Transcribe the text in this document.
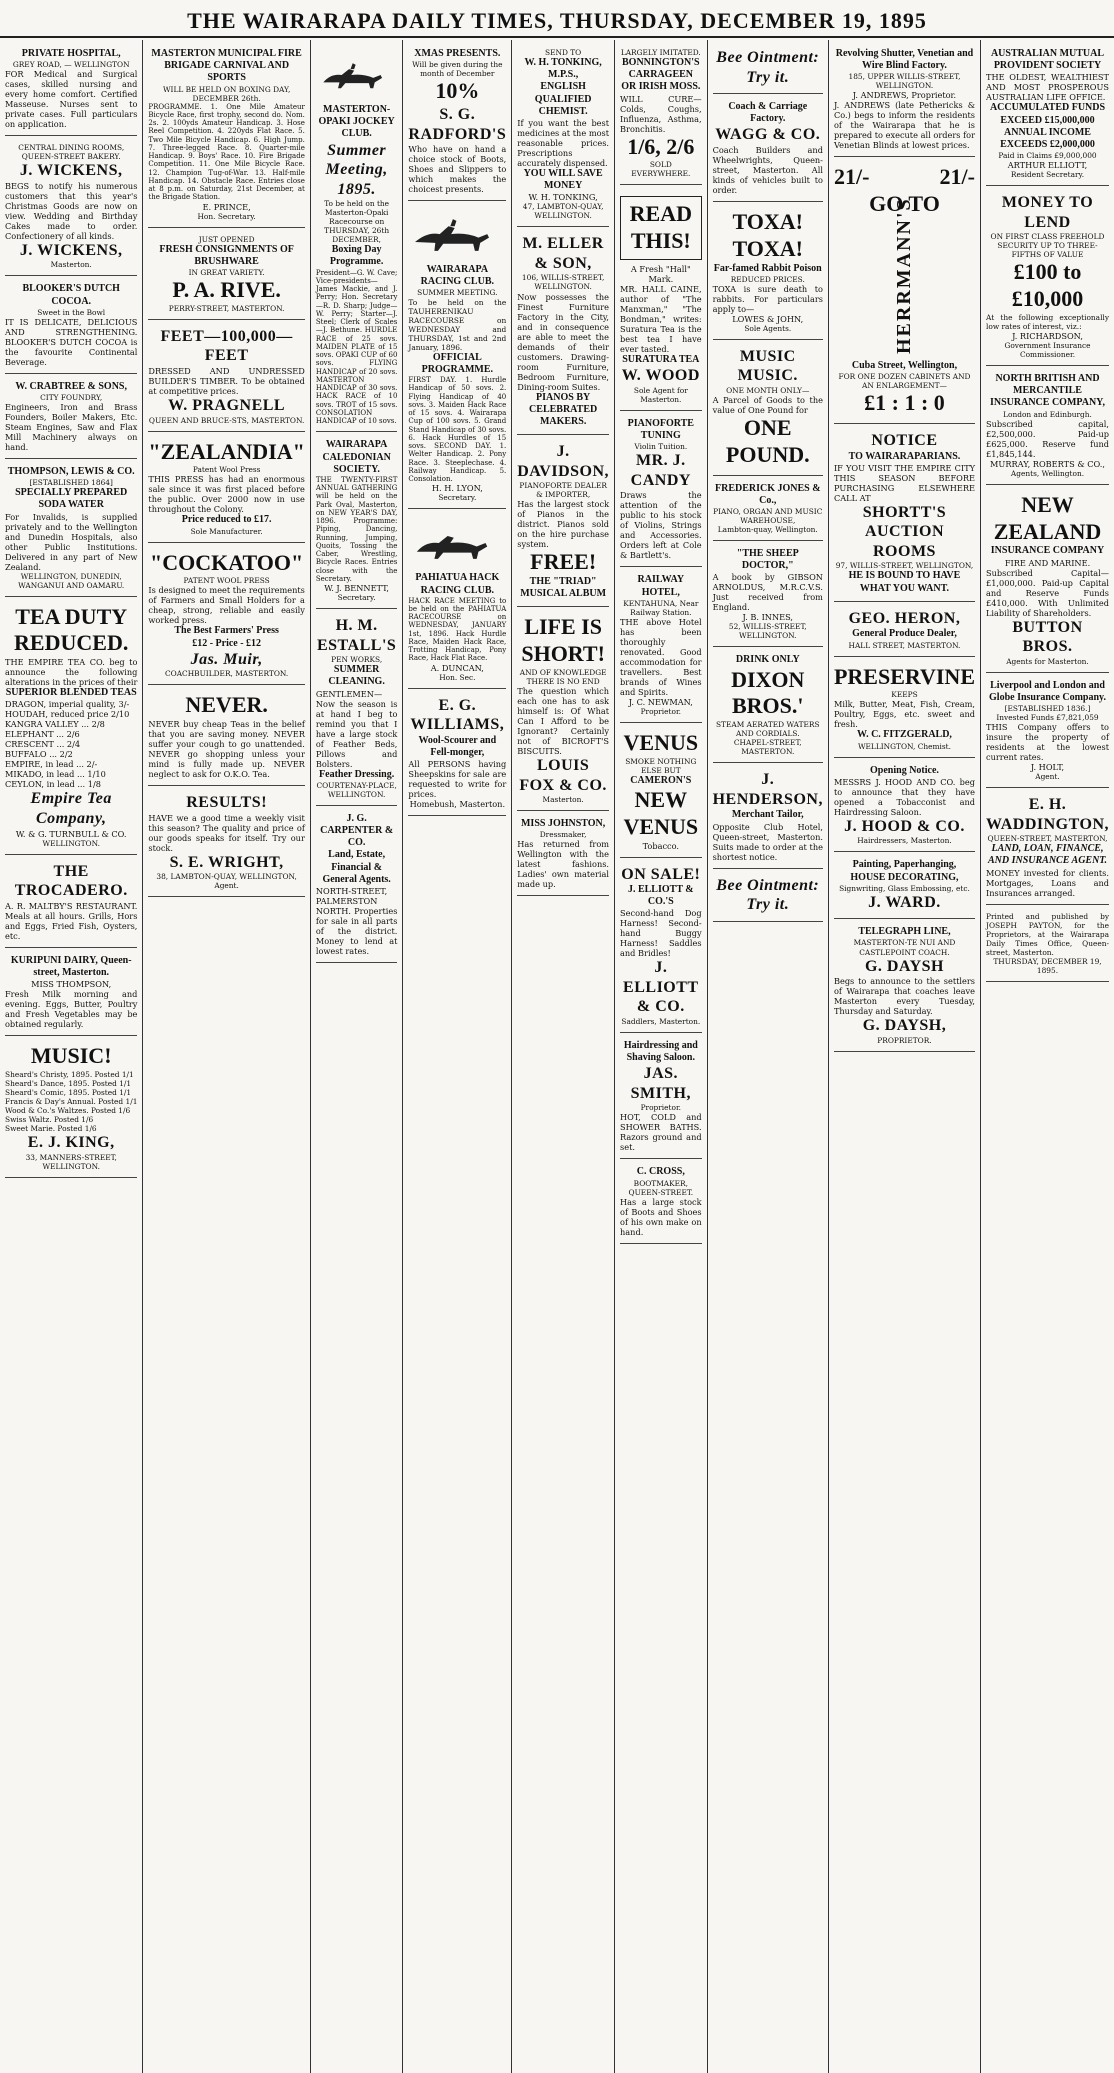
THE WAIRARAPA DAILY TIMES, THURSDAY, DECEMBER 19, 1895
PRIVATE HOSPITAL,
GREY ROAD, — WELLINGTON
FOR Medical and Surgical cases, skilled nursing and every home comfort. Certified Masseuse. Nurses sent to private cases. Full particulars on application.
CENTRAL DINING ROOMS, QUEEN-STREET BAKERY.
J. WICKENS,
BEGS to notify his numerous customers that this year's Christmas Goods are now on view. Wedding and Birthday Cakes made to order. Confectionery of all kinds.
J. WICKENS,
Masterton.
BLOOKER'S DUTCH COCOA.
Sweet in the Bowl
IT IS DELICATE, DELICIOUS AND STRENGTHENING. BLOOKER'S DUTCH COCOA is the favourite Continental Beverage.
W. CRABTREE & SONS,
CITY FOUNDRY,
Engineers, Iron and Brass Founders, Boiler Makers, Etc. Steam Engines, Saw and Flax Mill Machinery always on hand.
THOMPSON, LEWIS & CO.
[ESTABLISHED 1864]
SPECIALLY PREPARED SODA WATER
For Invalids, is supplied privately and to the Wellington and Dunedin Hospitals, also other Public Institutions. Delivered in any part of New Zealand.
WELLINGTON, DUNEDIN, WANGANUI AND OAMARU.
TEA DUTY REDUCED.
THE EMPIRE TEA CO. beg to announce the following alterations in the prices of their
SUPERIOR BLENDED TEAS
DRAGON, imperial quality, 3/-
HOUDAH, reduced price 2/10
KANGRA VALLEY ... 2/8
ELEPHANT ... 2/6
CRESCENT ... 2/4
BUFFALO ... 2/2
EMPIRE, in lead ... 2/-
MIKADO, in lead ... 1/10
CEYLON, in lead ... 1/8
Empire Tea Company,
W. & G. TURNBULL & CO.
WELLINGTON.
THE TROCADERO.
A. R. MALTBY'S RESTAURANT. Meals at all hours. Grills, Hors and Eggs, Fried Fish, Oysters, etc.
KURIPUNI DAIRY, Queen-street, Masterton.
MISS THOMPSON,
Fresh Milk morning and evening. Eggs, Butter, Poultry and Fresh Vegetables may be obtained regularly.
MUSIC!
Sheard's Christy, 1895. Posted 1/1
Sheard's Dance, 1895. Posted 1/1
Sheard's Comic, 1895. Posted 1/1
Francis & Day's Annual. Posted 1/1
Wood & Co.'s Waltzes. Posted 1/6
Swiss Waltz. Posted 1/6
Sweet Marie. Posted 1/6
E. J. KING,
33, MANNERS-STREET, WELLINGTON.
MASTERTON MUNICIPAL FIRE BRIGADE CARNIVAL AND SPORTS
WILL BE HELD ON BOXING DAY, DECEMBER 26th.
PROGRAMME. 1. One Mile Amateur Bicycle Race, first trophy, second do. Nom. 2s. 2. 100yds Amateur Handicap. 3. Hose Reel Competition. 4. 220yds Flat Race. 5. Two Mile Bicycle Handicap. 6. High Jump. 7. Three-legged Race. 8. Quarter-mile Handicap. 9. Boys' Race. 10. Fire Brigade Competition. 11. One Mile Bicycle Race. 12. Champion Tug-of-War. 13. Half-mile Handicap. 14. Obstacle Race. Entries close at 8 p.m. on Saturday, 21st December, at the Brigade Station.
E. PRINCE,
Hon. Secretary.
JUST OPENED
FRESH CONSIGNMENTS OF BRUSHWARE
IN GREAT VARIETY.
P. A. RIVE.
PERRY-STREET, MASTERTON.
FEET—100,000—FEET
DRESSED AND UNDRESSED BUILDER'S TIMBER. To be obtained at competitive prices.
W. PRAGNELL
QUEEN AND BRUCE-STS, MASTERTON.
"ZEALANDIA"
Patent Wool Press
THIS PRESS has had an enormous sale since it was first placed before the public. Over 2000 now in use throughout the Colony.
Price reduced to £17.
Sole Manufacturer.
"COCKATOO"
PATENT WOOL PRESS
Is designed to meet the requirements of Farmers and Small Holders for a cheap, strong, reliable and easily worked press.
The Best Farmers' Press
£12 - Price - £12
Jas. Muir,
COACHBUILDER, MASTERTON.
NEVER.
NEVER buy cheap Teas in the belief that you are saving money. NEVER suffer your cough to go unattended. NEVER go shopping unless your mind is fully made up. NEVER neglect to ask for O.K.O. Tea.
RESULTS!
HAVE we a good time a weekly visit this season? The quality and price of our goods speaks for itself. Try our stock.
S. E. WRIGHT,
38, LAMBTON-QUAY, WELLINGTON, Agent.
MASTERTON-OPAKI JOCKEY CLUB.
Summer Meeting, 1895.
To be held on the Masterton-Opaki Racecourse on THURSDAY, 26th DECEMBER,
Boxing Day Programme.
President—G. W. Cave; Vice-presidents—James Mackie, and J. Perry; Hon. Secretary—R. D. Sharp; Judge—W. Perry; Starter—J. Steel; Clerk of Scales—J. Bethune. HURDLE RACE of 25 sovs. MAIDEN PLATE of 15 sovs. OPAKI CUP of 60 sovs. FLYING HANDICAP of 20 sovs. MASTERTON HANDICAP of 30 sovs. HACK RACE of 10 sovs. TROT of 15 sovs. CONSOLATION HANDICAP of 10 sovs.
WAIRARAPA CALEDONIAN SOCIETY.
THE TWENTY-FIRST ANNUAL GATHERING will be held on the Park Oval, Masterton, on NEW YEAR'S DAY, 1896. Programme: Piping, Dancing, Running, Jumping, Quoits, Tossing the Caber, Wrestling, Bicycle Races. Entries close with the Secretary.
W. J. BENNETT,
Secretary.
H. M. ESTALL'S
PEN WORKS,
SUMMER CLEANING.
GENTLEMEN—Now the season is at hand I beg to remind you that I have a large stock of Feather Beds, Pillows and Bolsters.
Feather Dressing.
COURTENAY-PLACE, WELLINGTON.
J. G. CARPENTER & CO.
Land, Estate, Financial & General Agents.
NORTH-STREET, PALMERSTON NORTH. Properties for sale in all parts of the district. Money to lend at lowest rates.
XMAS PRESENTS.
Will be given during the month of December
10%
S. G. RADFORD'S
Who have on hand a choice stock of Boots, Shoes and Slippers to which makes the choicest presents.
WAIRARAPA RACING CLUB.
SUMMER MEETING.
To be held on the TAUHERENIKAU RACECOURSE on WEDNESDAY and THURSDAY, 1st and 2nd January, 1896.
OFFICIAL PROGRAMME.
FIRST DAY. 1. Hurdle Handicap of 50 sovs. 2. Flying Handicap of 40 sovs. 3. Maiden Hack Race of 15 sovs. 4. Wairarapa Cup of 100 sovs. 5. Grand Stand Handicap of 30 sovs. 6. Hack Hurdles of 15 sovs. SECOND DAY. 1. Welter Handicap. 2. Pony Race. 3. Steeplechase. 4. Railway Handicap. 5. Consolation.
H. H. LYON,
Secretary.
PAHIATUA HACK RACING CLUB.
HACK RACE MEETING to be held on the PAHIATUA RACECOURSE on WEDNESDAY, JANUARY 1st, 1896. Hack Hurdle Race, Maiden Hack Race, Trotting Handicap, Pony Race, Hack Flat Race.
A. DUNCAN,
Hon. Sec.
E. G. WILLIAMS,
Wool-Scourer and Fell-monger,
All PERSONS having Sheepskins for sale are requested to write for prices.
Homebush, Masterton.
SEND TO
W. H. TONKING, M.P.S.,
ENGLISH QUALIFIED CHEMIST.
If you want the best medicines at the most reasonable prices. Prescriptions accurately dispensed.
YOU WILL SAVE MONEY
W. H. TONKING,
47, LAMBTON-QUAY, WELLINGTON.
M. ELLER & SON,
106, WILLIS-STREET, WELLINGTON.
Now possesses the Finest Furniture Factory in the City, and in consequence are able to meet the demands of their customers. Drawing-room Furniture, Bedroom Furniture, Dining-room Suites.
PIANOS BY CELEBRATED MAKERS.
J. DAVIDSON,
PIANOFORTE DEALER & IMPORTER,
Has the largest stock of Pianos in the district. Pianos sold on the hire purchase system.
FREE!
THE "TRIAD" MUSICAL ALBUM
LIFE IS SHORT!
AND OF KNOWLEDGE THERE IS NO END
The question which each one has to ask himself is: Of What Can I Afford to be Ignorant? Certainly not of BICROFT'S BISCUITS.
LOUIS FOX & CO.
Masterton.
MISS JOHNSTON,
Dressmaker,
Has returned from Wellington with the latest fashions. Ladies' own material made up.
LARGELY IMITATED.
BONNINGTON'S CARRAGEEN OR IRISH MOSS.
WILL CURE— Colds, Coughs, Influenza, Asthma, Bronchitis.
1/6, 2/6
SOLD EVERYWHERE.
READ THIS!
A Fresh "Hall" Mark.
MR. HALL CAINE, author of "The Manxman," "The Bondman," writes: Suratura Tea is the best tea I have ever tasted.
SURATURA TEA
W. WOOD
Sole Agent for Masterton.
PIANOFORTE TUNING
Violin Tuition.
MR. J. CANDY
Draws the attention of the public to his stock of Violins, Strings and Accessories. Orders left at Cole & Bartlett's.
RAILWAY HOTEL,
KENTAHUNA, Near Railway Station.
THE above Hotel has been thoroughly renovated. Good accommodation for travellers. Best brands of Wines and Spirits.
J. C. NEWMAN,
Proprietor.
VENUS
SMOKE NOTHING ELSE BUT
CAMERON'S
NEW VENUS
Tobacco.
ON SALE!
J. ELLIOTT & CO.'S
Second-hand Dog Harness! Second-hand Buggy Harness! Saddles and Bridles!
J. ELLIOTT & CO.
Saddlers, Masterton.
Hairdressing and Shaving Saloon.
JAS. SMITH,
Proprietor.
HOT, COLD and SHOWER BATHS. Razors ground and set.
C. CROSS,
BOOTMAKER, QUEEN-STREET.
Has a large stock of Boots and Shoes of his own make on hand.
Bee Ointment: Try it.
Coach & Carriage Factory.
WAGG & CO.
Coach Builders and Wheelwrights, Queen-street, Masterton. All kinds of vehicles built to order.
TOXA! TOXA!
Far-famed Rabbit Poison
REDUCED PRICES.
TOXA is sure death to rabbits. For particulars apply to—
LOWES & JOHN,
Sole Agents.
MUSIC MUSIC.
ONE MONTH ONLY—
A Parcel of Goods to the value of One Pound for
ONE POUND.
FREDERICK JONES & Co.,
PIANO, ORGAN AND MUSIC WAREHOUSE,
Lambton-quay, Wellington.
"THE SHEEP DOCTOR,"
A book by GIBSON ARNOLDUS, M.R.C.V.S. Just received from England.
J. B. INNES,
52, WILLIS-STREET, WELLINGTON.
DRINK ONLY
DIXON BROS.'
STEAM AERATED WATERS AND CORDIALS.
CHAPEL-STREET, MASTERTON.
J. HENDERSON,
Merchant Tailor,
Opposite Club Hotel, Queen-street, Masterton. Suits made to order at the shortest notice.
Bee Ointment: Try it.
Revolving Shutter, Venetian and Wire Blind Factory.
185, UPPER WILLIS-STREET, WELLINGTON.
J. ANDREWS, Proprietor.
J. ANDREWS (late Pethericks & Co.) begs to inform the residents of the Wairarapa that he is prepared to execute all orders for Venetian Blinds at lowest prices.
21/-	21/-
GO TO
HERRMANN'S
Cuba Street, Wellington,
FOR ONE DOZEN CABINETS AND AN ENLARGEMENT—
£1 : 1 : 0
NOTICE
TO WAIRARAPARIANS.
IF YOU VISIT THE EMPIRE CITY THIS SEASON BEFORE PURCHASING ELSEWHERE CALL AT
SHORTT'S AUCTION ROOMS
97, WILLIS-STREET, WELLINGTON,
HE IS BOUND TO HAVE WHAT YOU WANT.
GEO. HERON,
General Produce Dealer,
HALL STREET, MASTERTON.
PRESERVINE
KEEPS
Milk, Butter, Meat, Fish, Cream, Poultry, Eggs, etc. sweet and fresh.
W. C. FITZGERALD,
WELLINGTON, Chemist.
Opening Notice.
MESSRS J. HOOD AND CO. beg to announce that they have opened a Tobacconist and Hairdressing Saloon.
J. HOOD & CO.
Hairdressers, Masterton.
Painting, Paperhanging, HOUSE DECORATING,
Signwriting, Glass Embossing, etc.
J. WARD.
TELEGRAPH LINE,
MASTERTON-TE NUI AND CASTLEPOINT COACH.
G. DAYSH
Begs to announce to the settlers of Wairarapa that coaches leave Masterton every Tuesday, Thursday and Saturday.
G. DAYSH,
PROPRIETOR.
AUSTRALIAN MUTUAL PROVIDENT SOCIETY
THE OLDEST, WEALTHIEST AND MOST PROSPEROUS AUSTRALIAN LIFE OFFICE.
ACCUMULATED FUNDS EXCEED £15,000,000
ANNUAL INCOME EXCEEDS £2,000,000
Paid in Claims £9,000,000
ARTHUR ELLIOTT,
Resident Secretary.
MONEY TO LEND
ON FIRST CLASS FREEHOLD SECURITY UP TO THREE-FIFTHS OF VALUE
£100 to £10,000
At the following exceptionally low rates of interest, viz.:
J. RICHARDSON,
Government Insurance Commissioner.
NORTH BRITISH AND MERCANTILE INSURANCE COMPANY,
London and Edinburgh.
Subscribed capital, £2,500,000. Paid-up £625,000. Reserve fund £1,845,144.
MURRAY, ROBERTS & CO.,
Agents, Wellington.
NEW ZEALAND
INSURANCE COMPANY
FIRE AND MARINE.
Subscribed Capital—£1,000,000. Paid-up Capital and Reserve Funds £410,000. With Unlimited Liability of Shareholders.
BUTTON BROS.
Agents for Masterton.
Liverpool and London and Globe Insurance Company.
[ESTABLISHED 1836.]
Invested Funds £7,821,059
THIS Company offers to insure the property of residents at the lowest current rates.
J. HOLT,
Agent.
E. H. WADDINGTON,
QUEEN-STREET, MASTERTON,
LAND, LOAN, FINANCE, AND INSURANCE AGENT.
MONEY invested for clients. Mortgages, Loans and Insurances arranged.
Printed and published by JOSEPH PAYTON, for the Proprietors, at the Wairarapa Daily Times Office, Queen-street, Masterton.
THURSDAY, DECEMBER 19, 1895.
